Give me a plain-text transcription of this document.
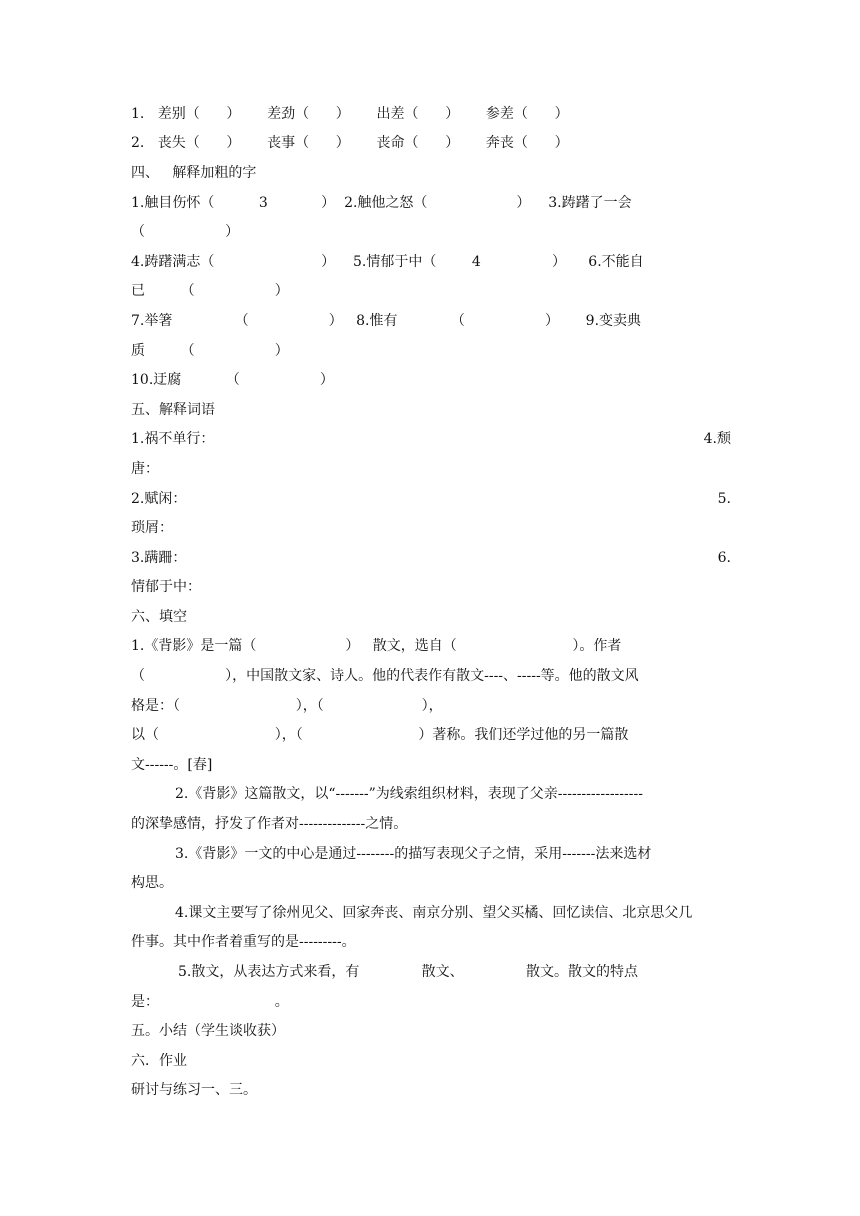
1.   差别（      ）      差劲（      ）      出差（      ）      参差（      ）
2.   丧失（      ）      丧事（      ）      丧命（      ）      奔丧（      ）
四、   解释加粗的字
1.触目伤怀（          3            ）  2.触他之怒（                    ）    3.踌躇了一会
（                  ）
4.踌躇满志（                        ）    5.情郁于中（        4                ）     6.不能自
已        （                  ）
7.举箸              （                  ）   8.惟有            （                  ）      9.变卖典
质        （                  ）
10.迂腐          （                  ）
五、解释词语
1.祸不单行：	4.颓
唐：
2.赋闲：	5.
琐屑：
3.蹒跚：	6.
情郁于中：
六、填空
1.《背影》是一篇（                    ）   散文，选自（                          ）。作者
（                  ），中国散文家、诗人。他的代表作有散文----、-----等。他的散文风
格是：（                          ），（                      ），
以（                          ），（                          ）著称。我们还学过他的另一篇散
文------。[春]
2.《背影》这篇散文，以“-------”为线索组织材料，表现了父亲------------------
的深挚感情，抒发了作者对--------------之情。
3.《背影》一文的中心是通过--------的描写表现父子之情，采用-------法来选材
构思。
4.课文主要写了徐州见父、回家奔丧、南京分别、望父买橘、回忆读信、北京思父几
件事。其中作者着重写的是---------。
5.散文，从表达方式来看，有              散文、              散文。散文的特点
是：                          。
五。小结（学生谈收获）
六．作业
研讨与练习一、三。
